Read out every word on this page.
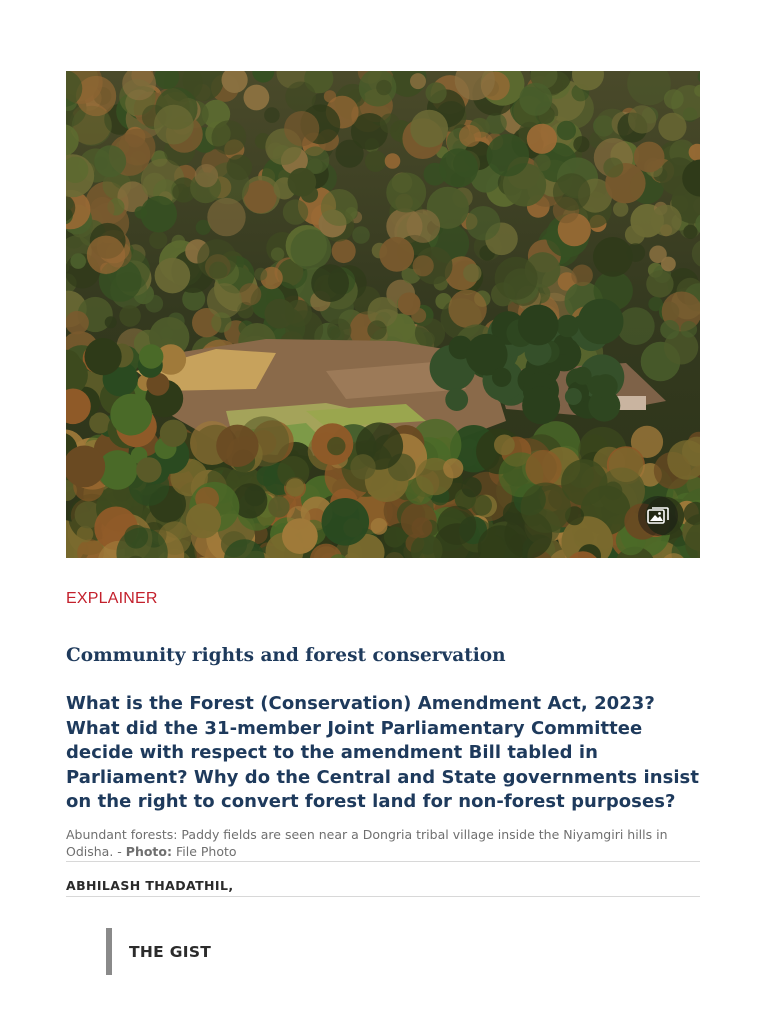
EXPLAINER
Community rights and forest conservation
What is the Forest (Conservation) Amendment Act, 2023? What did the 31-member Joint Parliamentary Committee decide with respect to the amendment Bill tabled in Parliament? Why do the Central and State governments insist on the right to convert forest land for non-forest purposes?
Abundant forests: Paddy fields are seen near a Dongria tribal village inside the Niyamgiri hills in Odisha. - Photo: File Photo
ABHILASH THADATHIL,
THE GIST
